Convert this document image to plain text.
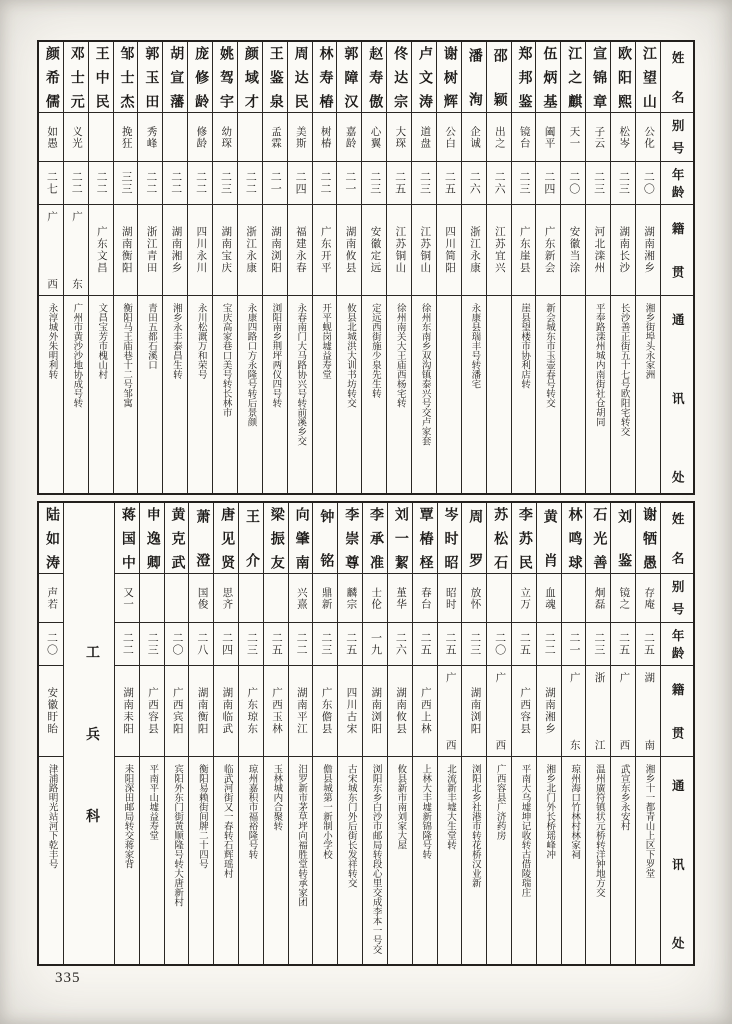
姓名
别号
年龄
籍贯
通讯处
江望山
公化
二〇
湖南湘乡
湘乡街埠头永家洲
欧阳熙
松岑
二三
湖南长沙
长沙善正街五十七号欧阳宅转交
宣锦章
子云
二三
河北滦州
平奉路滦州城内南街社仓胡同
江之麒
天一
二〇
安徽当涂
伍炳基
阖平
二四
广东新会
新会城东市玉壶春号转交
郑邦鉴
镜台
二三
广东崖县
崖县望楼市协利店转
邵颖
出之
二六
江苏宜兴
潘洵
企诚
二六
浙江永康
永康县瑞丰号转潘宅
谢树辉
公白
二五
四川简阳
卢文涛
道盘
二三
江苏铜山
徐州东南乡双沟镇泰兴号交卢家套
佟达宗
大琛
二五
江苏铜山
徐州南关大王庙西杨宅转
赵寿傲
心翼
二三
安徽定远
定远西街施少泉先生转
郭障汉
嘉龄
二一
湖南攸县
攸县北城洪大训书坊转交
林寿椿
树椿
二二
广东开平
开平蚬岗墟益寿堂
周达民
美斯
二四
福建永春
永春南门大马路协兴号转前溪乡交
王鉴泉
孟霖
二一
湖南浏阳
浏阳南乡荆坪两仪四号转
颜域才
二二
浙江永康
永康四路口方永隆号转后景颜
姚驾宇
幼琛
二三
湖南宝庆
宝庆高家巷口美号转长林市
庞修龄
修龄
二二
四川永川
永川松溉万和荣号
胡宣藩
二二
湖南湘乡
湘乡永丰泰昌生转
郭玉田
秀峰
二二
浙江青田
青田五都石溪口
邹士杰
挽狂
三三
湖南衡阳
衡阳马王庙巷十二号邹寓
王中民
二二
广东文昌
文昌宝芳市槐山村
邓士元
义光
二二
广东
广州市黄沙沙地协成号转
颜希儒
如愚
二七
广西
永淳城外朱明利转
姓名
别号
年龄
籍贯
通讯处
谢牺愚
存庵
二五
湖南
湘乡十一都青山上区下罗堂
刘鉴
镜之
二五
广西
武宣东乡永安村
石光善
炯磊
二三
浙江
温州廣符镇状元桥转洋钟地方交
林鸣球
二一
广东
琼州海口竹林村林家祠
黄肖
血魂
二二
湖南湘乡
湘乡北门外长桥瑶峰冲
李苏民
立万
二五
广西容县
平南大乌墟坤记收转古借陵瑞庄
苏松石
二〇
广西
广西容县广济药房
周罗
放怀
二三
湖南浏阳
浏阳北乡社港市转花桥汉业新
岑时昭
昭时
二五
广西
北流新丰墟大生堂转
覃椿柽
春台
二五
广西上林
上林大丰墟新锦隆号转
刘一絜
堇华
二六
湖南攸县
攸县新市南刘家大屋
李承准
士伦
一九
湖南浏阳
浏阳东乡白沙市邮局转段心里交成李本一号交
李崇尊
麟宗
二五
四川古宋
古宋城东门外后街长发祥转交
钟铭
鼎新
二三
广东儋县
儋县城第一新制小学校
向肇南
兴熹
二二
湖南平江
汨罗新市茅草坪向福胜堂转承家团
梁振友
二五
广西玉林
玉林城内合聚转
王介
二三
广东琼东
琼州嘉积市福裕隆号转
唐见贤
思齐
二四
湖南临武
临武河街又一春转石辉瑶村
萧澄
国俊
二八
湖南衡阳
衡阳易赖街间牌二十四号
黄克武
二〇
广西宾阳
宾阳外东门街黄顺隆号转大唐新村
申逸卿
二三
广西容县
平南平山墟益寿堂
蒋国中
又一
二二
湖南耒阳
耒阳深田邮局转交蒋家背
工
兵
科
陆如涛
声若
二〇
安徽盱眙
津浦路明光站河下乾丰号
335
